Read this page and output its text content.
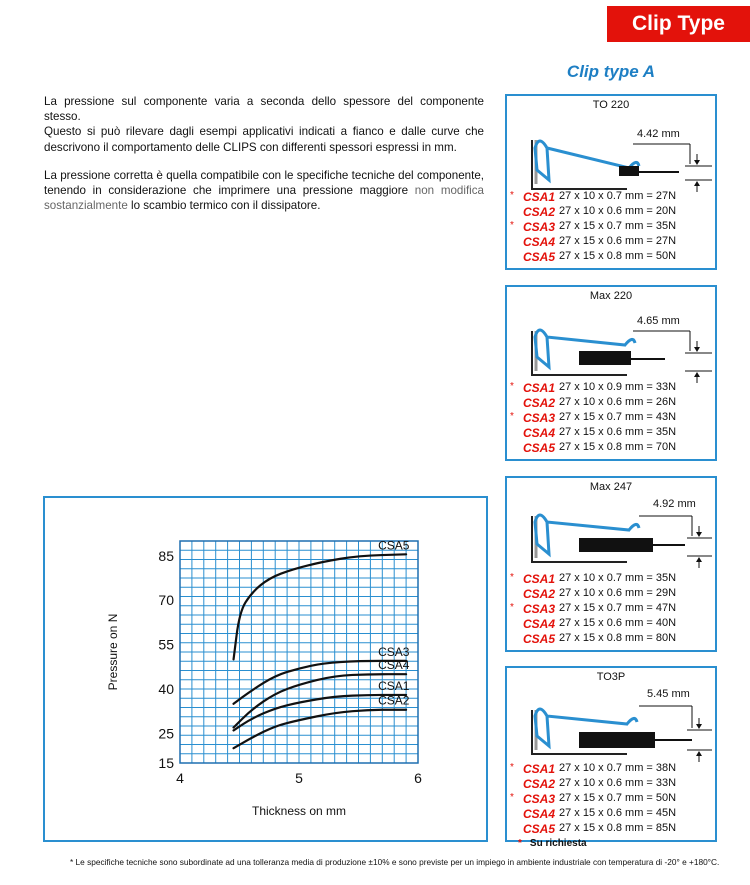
Clip Type
Clip type A

La pressione sul componente varia a seconda dello spessore del componente stesso.
Questo si può rilevare dagli esempi applicativi indicati a fianco e dalle curve che descrivono il comportamento delle CLIPS con differenti spessori espressi in mm.

La pressione corretta è quella compatibile con le specifiche tecniche del componente, tenendo in considerazione che imprimere una pressione maggiore non modifica sostanzialmente lo scambio termico con il dissipatore.

TO 220
4.42 mm
* CSA1 27 x 10 x 0.7 mm = 27N
CSA2 27 x 10 x 0.6 mm = 20N
* CSA3 27 x 15 x 0.7 mm = 35N
CSA4 27 x 15 x 0.6 mm = 27N
CSA5 27 x 15 x 0.8 mm = 50N
Max 220
4.65 mm
* CSA1 27 x 10 x 0.9 mm = 33N
CSA2 27 x 10 x 0.6 mm = 26N
* CSA3 27 x 15 x 0.7 mm = 43N
CSA4 27 x 15 x 0.6 mm = 35N
CSA5 27 x 15 x 0.8 mm = 70N
Max 247
4.92 mm
* CSA1 27 x 10 x 0.7 mm = 35N
CSA2 27 x 10 x 0.6 mm = 29N
* CSA3 27 x 15 x 0.7 mm = 47N
CSA4 27 x 15 x 0.6 mm = 40N
CSA5 27 x 15 x 0.8 mm = 80N
TO3P
5.45 mm
* CSA1 27 x 10 x 0.7 mm = 38N
CSA2 27 x 10 x 0.6 mm = 33N
* CSA3 27 x 15 x 0.7 mm = 50N
CSA4 27 x 15 x 0.6 mm = 45N
CSA5 27 x 15 x 0.8 mm = 85N
15
25
40
55
70
85
4	5	6
Thickness on mm
Pressure on N
CSA5
CSA3
CSA4
CSA1
CSA2
* Su richiesta
* Le specifiche tecniche sono subordinate ad una tolleranza media di produzione ±10% e sono previste per un impiego in ambiente industriale con temperatura di -20° e +180°C.
